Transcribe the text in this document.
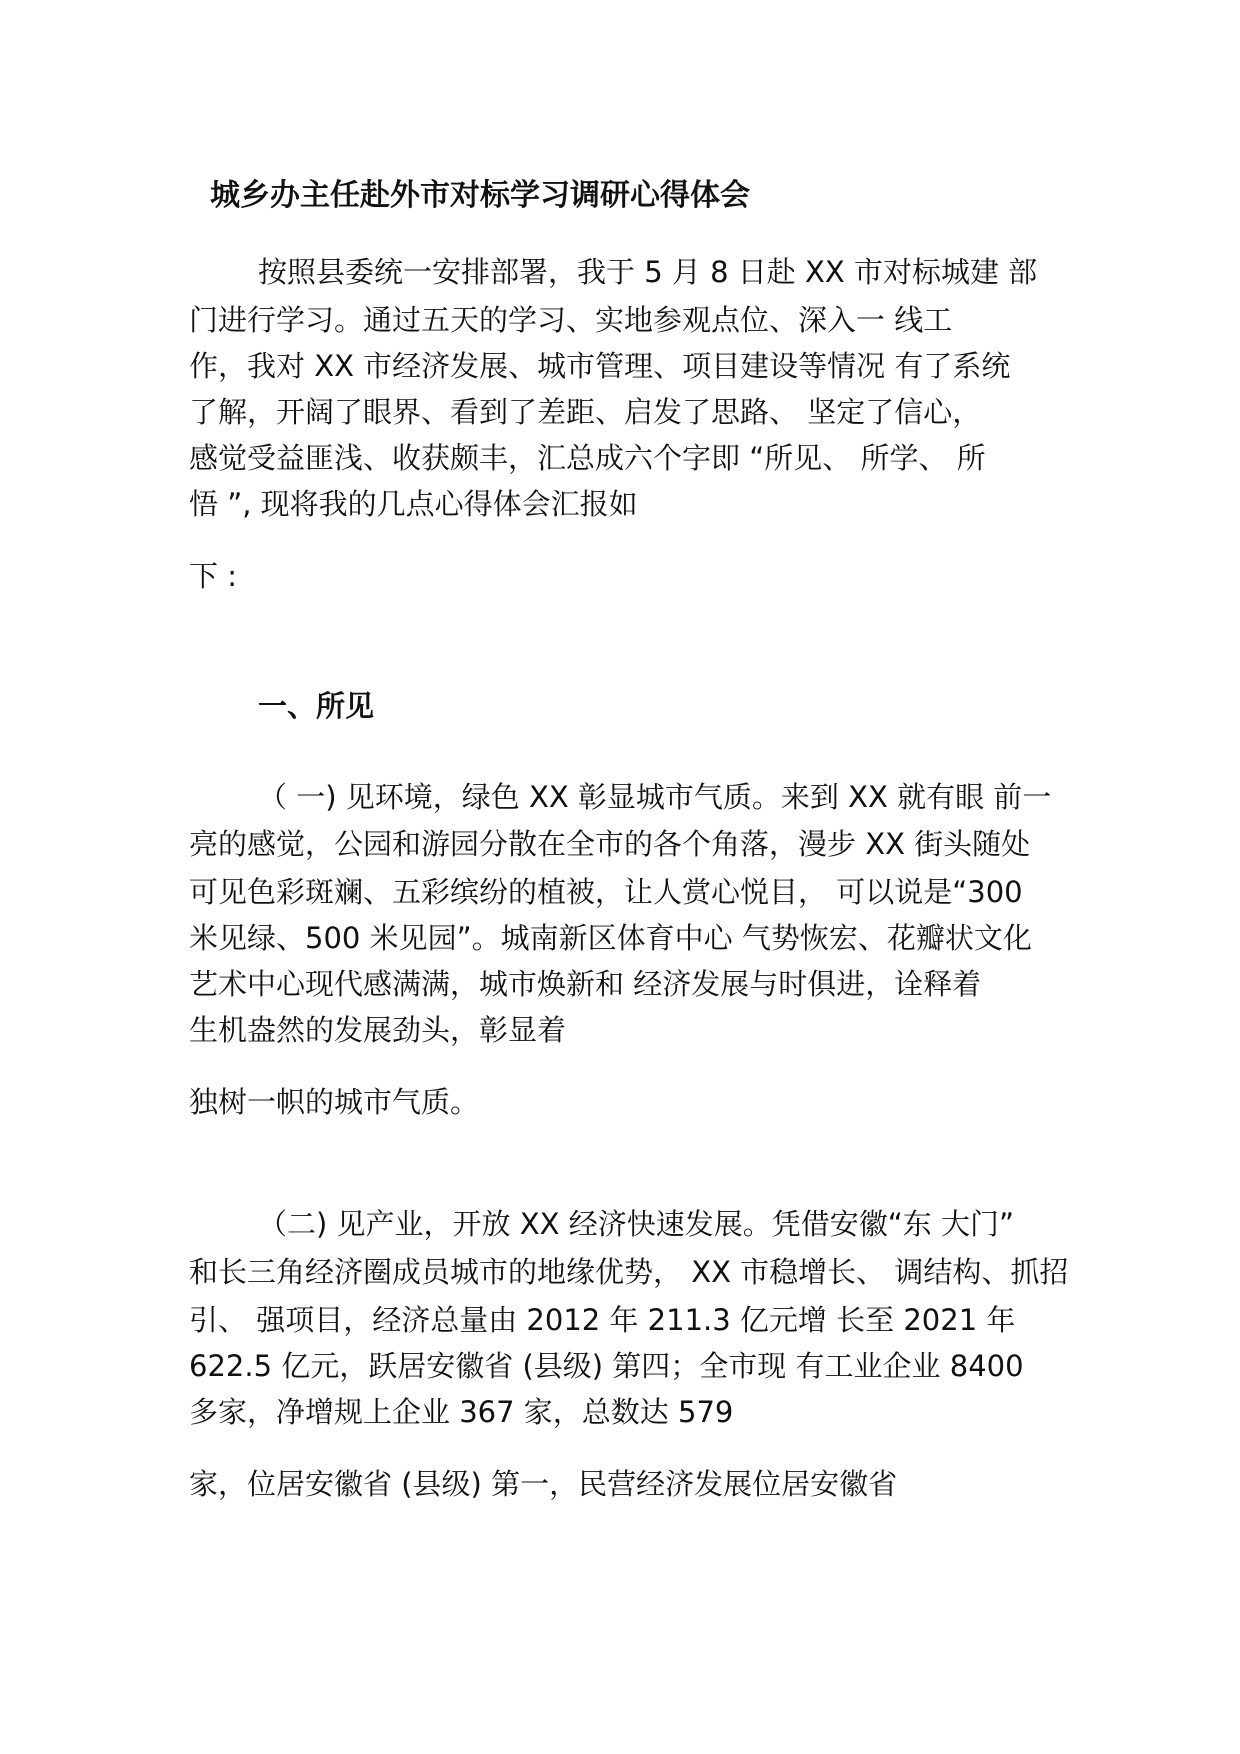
城乡办主任赴外市对标学习调研心得体会
按照县委统一安排部署，我于 5 月 8 日赴 XX 市对标城建 部
门进行学习。通过五天的学习、实地参观点位、深入一 线工
作，我对 XX 市经济发展、城市管理、项目建设等情况 有了系统
了解，开阔了眼界、看到了差距、启发了思路、 坚定了信心，
感觉受益匪浅、收获颇丰，汇总成六个字即 “所见、 所学、 所
悟 ”, 现将我的几点心得体会汇报如
下 :
一、所见
（ 一) 见环境，绿色 XX 彰显城市气质。来到 XX 就有眼 前一
亮的感觉，公园和游园分散在全市的各个角落，漫步 XX 街头随处
可见色彩斑斓、五彩缤纷的植被，让人赏心悦目， 可以说是“300
米见绿、500 米见园”。城南新区体育中心 气势恢宏、花瓣状文化
艺术中心现代感满满，城市焕新和 经济发展与时俱进，诠释着
生机盎然的发展劲头，彰显着
独树一帜的城市气质。
（二) 见产业，开放 XX 经济快速发展。凭借安徽“东 大门”
和长三角经济圈成员城市的地缘优势， XX 市稳增长、 调结构、抓招
引、 强项目，经济总量由 2012 年 211.3 亿元增 长至 2021 年
622.5 亿元，跃居安徽省 (县级) 第四；全市现 有工业企业 8400
多家，净增规上企业 367 家，总数达 579
家，位居安徽省 (县级) 第一，民营经济发展位居安徽省
